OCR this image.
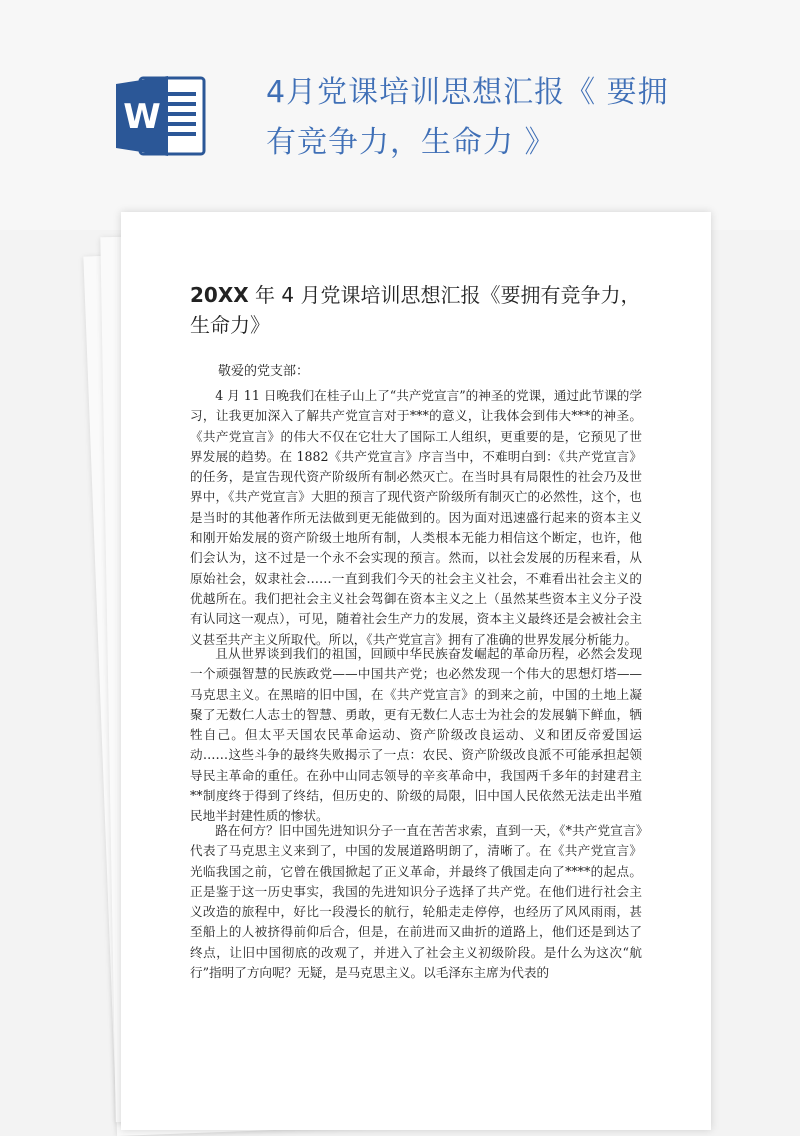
W
4月党课培训思想汇报《 要拥有竞争力，生命力 》
20XX 年 4 月党课培训思想汇报《要拥有竞争力，生命力》
敬爱的党支部：

4 月 11 日晚我们在桂子山上了“共产党宣言”的神圣的党课，通过此节课的学习，让我更加深入了解共产党宣言对于***的意义，让我体会到伟大***的神圣。 《共产党宣言》的伟大不仅在它壮大了国际工人组织，更重要的是，它预见了世界发展的趋势。在 1882《共产党宣言》序言当中，不难明白到：《共产党宣言》的任务，是宣告现代资产阶级所有制必然灭亡。在当时具有局限性的社会乃及世界中，《共产党宣言》大胆的预言了现代资产阶级所有制灭亡的必然性，这个，也是当时的其他著作所无法做到更无能做到的。因为面对迅速盛行起来的资本主义和刚开始发展的资产阶级土地所有制，人类根本无能力相信这个断定，也许，他们会认为，这不过是一个永不会实现的预言。然而，以社会发展的历程来看，从原始社会，奴隶社会……一直到我们今天的社会主义社会，不难看出社会主义的优越所在。我们把社会主义社会驾御在资本主义之上（虽然某些资本主义分子没有认同这一观点），可见，随着社会生产力的发展，资本主义最终还是会被社会主义甚至共产主义所取代。所以，《共产党宣言》拥有了准确的世界发展分析能力。

且从世界谈到我们的祖国，回顾中华民族奋发崛起的革命历程，必然会发现一个顽强智慧的民族政党——中国共产党；也必然发现一个伟大的思想灯塔——马克思主义。在黑暗的旧中国，在《共产党宣言》的到来之前，中国的土地上凝聚了无数仁人志士的智慧、勇敢，更有无数仁人志士为社会的发展躺下鲜血，牺牲自己。但太平天国农民革命运动、资产阶级改良运动、义和团反帝爱国运动……这些斗争的最终失败揭示了一点：农民、资产阶级改良派不可能承担起领导民主革命的重任。在孙中山同志领导的辛亥革命中，我国两千多年的封建君主**制度终于得到了终结，但历史的、阶级的局限，旧中国人民依然无法走出半殖民地半封建性质的惨状。

路在何方？旧中国先进知识分子一直在苦苦求索，直到一天，《*共产党宣言》代表了马克思主义来到了，中国的发展道路明朗了，清晰了。在《共产党宣言》光临我国之前，它曾在俄国掀起了正义革命，并最终了俄国走向了****的起点。正是鉴于这一历史事实，我国的先进知识分子选择了共产党。在他们进行社会主义改造的旅程中，好比一段漫长的航行，轮船走走停停，也经历了风风雨雨，甚至船上的人被挤得前仰后合，但是，在前进而又曲折的道路上，他们还是到达了终点，让旧中国彻底的改观了，并进入了社会主义初级阶段。是什么为这次“航行”指明了方向呢？无疑，是马克思主义。以毛泽东主席为代表的
